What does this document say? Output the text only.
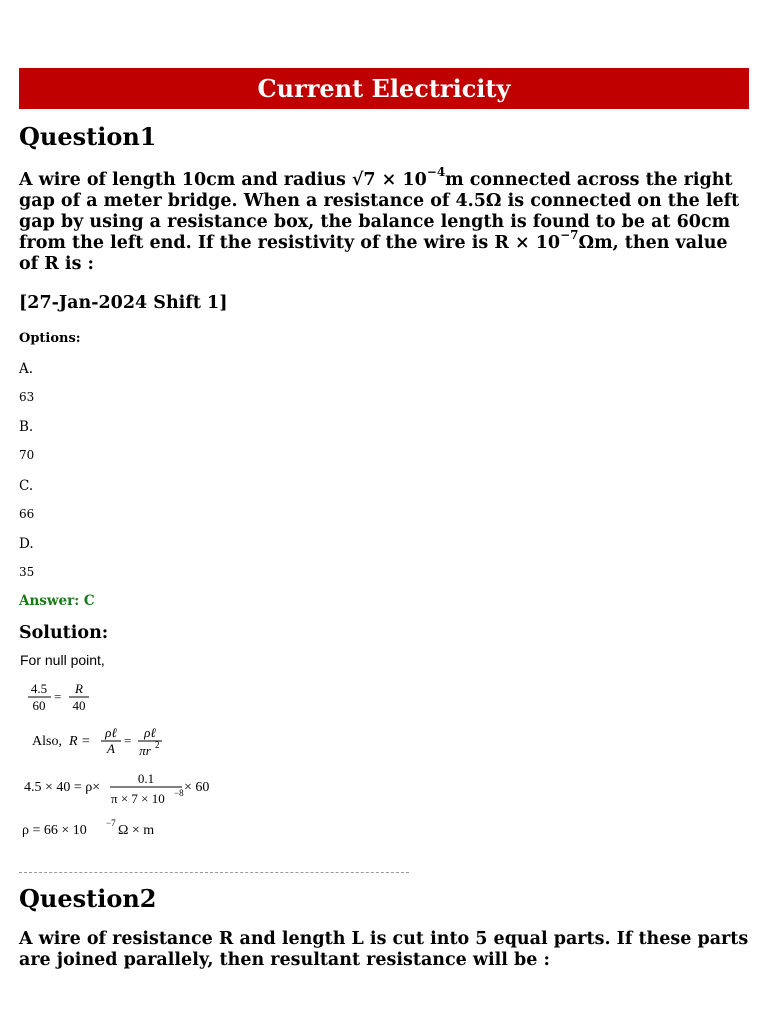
Current Electricity
Question1
A wire of length 10cm and radius $√7 \times 10^{-4}m$ connected across the right gap of a meter bridge. When a resistance of 4.5Ω is connected on the left gap by using a resistance box, the balance length is found to be at 60cm from the left end. If the resistivity of the wire is $R \times 10^{-7}\Omega m$, then value of R is :
[27-Jan-2024 Shift 1]
Options:
A.
63
B.
70
C.
66
D.
35
Answer: C
Solution:
For null point,
4.5
60
=
R
40
Also, R =
ρℓ
A
=
ρℓ
πr 2
4.5 × 40 = ρ×
0.1
π × 7 × 10 −8 × 60
ρ = 66 × 10 −7 Ω × m
Question2
A wire of resistance R and length L is cut into 5 equal parts. If these parts are joined parallely, then resultant resistance will be :
